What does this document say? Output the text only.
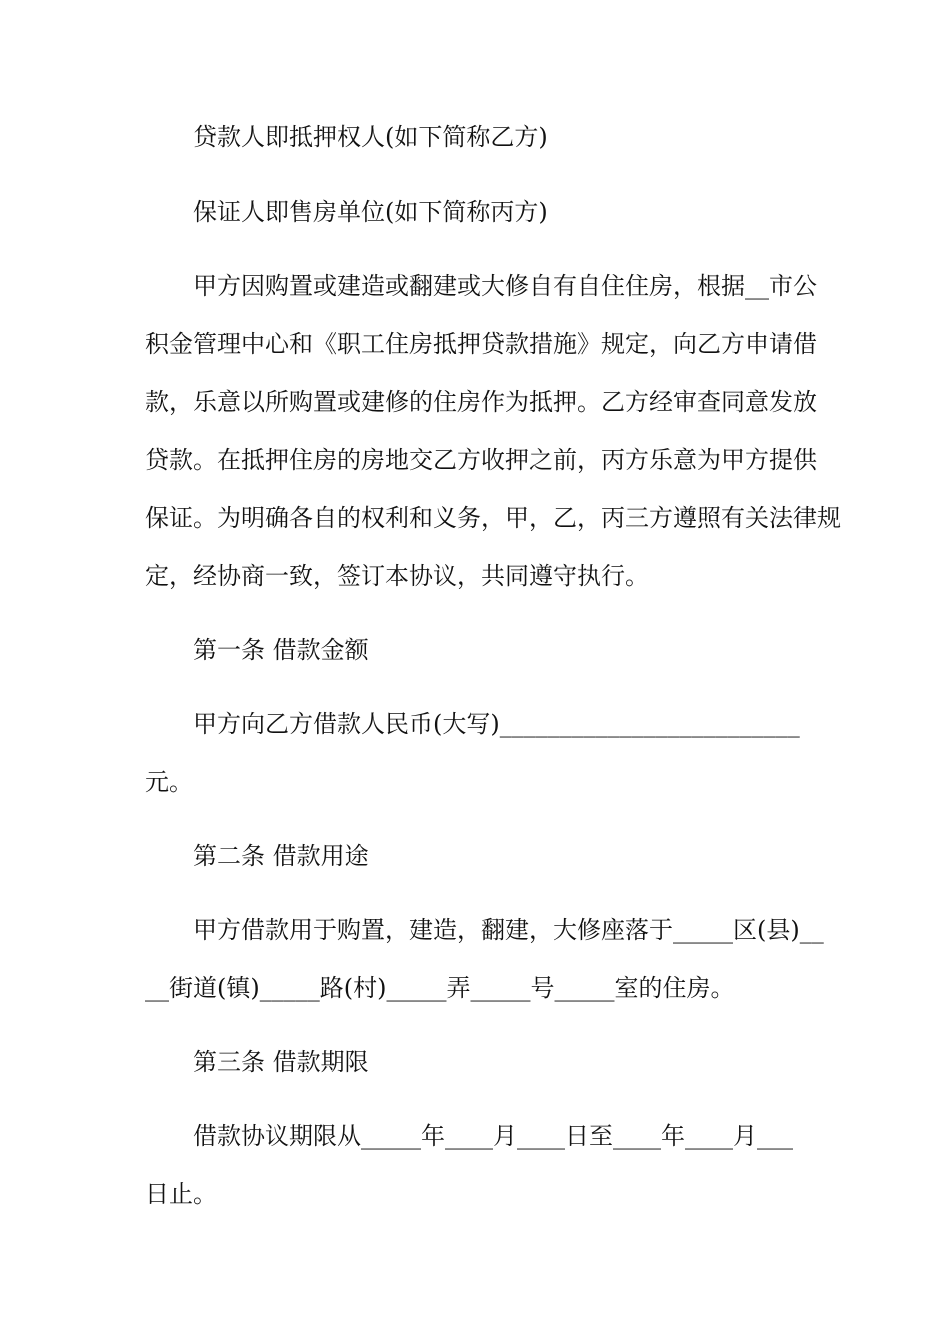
贷款人即抵押权人(如下简称乙方)
保证人即售房单位(如下简称丙方)
甲方因购置或建造或翻建或大修自有自住住房，根据__市公
积金管理中心和《职工住房抵押贷款措施》规定，向乙方申请借
款，乐意以所购置或建修的住房作为抵押。乙方经审查同意发放
贷款。在抵押住房的房地交乙方收押之前，丙方乐意为甲方提供
保证。为明确各自的权利和义务，甲，乙，丙三方遵照有关法律规
定，经协商一致，签订本协议，共同遵守执行。
第一条 借款金额
甲方向乙方借款人民币(大写)_________________________
元。
第二条 借款用途
甲方借款用于购置，建造，翻建，大修座落于_____区(县)__
__街道(镇)_____路(村)_____弄_____号_____室的住房。
第三条 借款期限
借款协议期限从_____年____月____日至____年____月___
日止。
